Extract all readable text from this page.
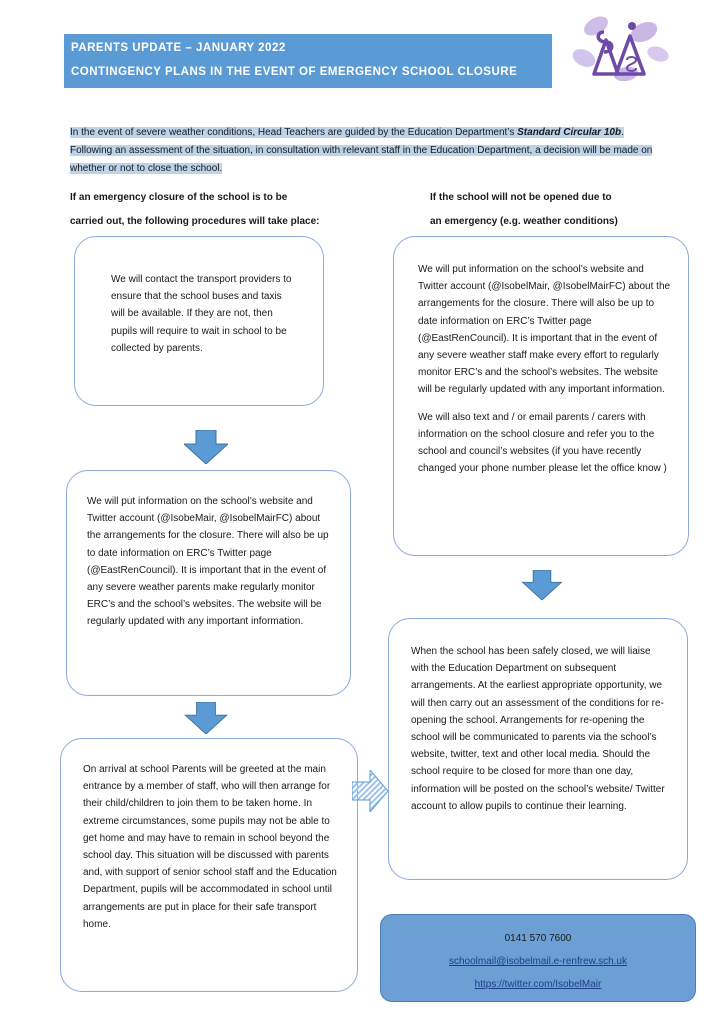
PARENTS UPDATE – JANUARY 2022
CONTINGENCY PLANS IN THE EVENT OF EMERGENCY SCHOOL CLOSURE
In the event of severe weather conditions, Head Teachers are guided by the Education Department’s Standard Circular 10b. Following an assessment of the situation, in consultation with relevant staff in the Education Department, a decision will be made on whether or not to close the school.
If an emergency closure of the school is to be
carried out, the following procedures will take place:
If the school will not be opened due to
an emergency (e.g. weather conditions)

We will contact the transport providers to ensure that the school buses and taxis will be available. If they are not, then pupils will require to wait in school to be collected by parents.

We will put information on the school’s website and Twitter account (@IsobeMair, @IsobelMairFC) about the arrangements for the closure. There will also be up to date information on ERC’s Twitter page (@EastRenCouncil). It is important that in the event of any severe weather parents make regularly monitor ERC’s and the school’s websites. The website will be regularly updated with any important information.

On arrival at school Parents will be greeted at the main entrance by a member of staff, who will then arrange for their child/children to join them to be taken home. In extreme circumstances, some pupils may not be able to get home and may have to remain in school beyond the school day. This situation will be discussed with parents and, with support of senior school staff and the Education Department, pupils will be accommodated in school until arrangements are put in place for their safe transport home.

We will put information on the school’s website and Twitter account (@IsobelMair, @IsobelMairFC) about the arrangements for the closure. There will also be up to date information on ERC’s Twitter page (@EastRenCouncil). It is important that in the event of any severe weather staff make every effort to regularly monitor ERC’s and the school’s websites. The website will be regularly updated with any important information.

We will also text and / or email parents / carers with information on the school closure and refer you to the school and council’s websites (if you have recently changed your phone number please let the office know )

When the school has been safely closed, we will liaise with the Education Department on subsequent arrangements. At the earliest appropriate opportunity, we will then carry out an assessment of the conditions for re-opening the school. Arrangements for re-opening the school will be communicated to parents via the school’s website, twitter, text and other local media. Should the school require to be closed for more than one day, information will be posted on the school’s website/ Twitter account to allow pupils to continue their learning.

0141 570 7600
schoolmail@isobelmail.e-renfrew.sch.uk
https://twitter.com/IsobelMair
